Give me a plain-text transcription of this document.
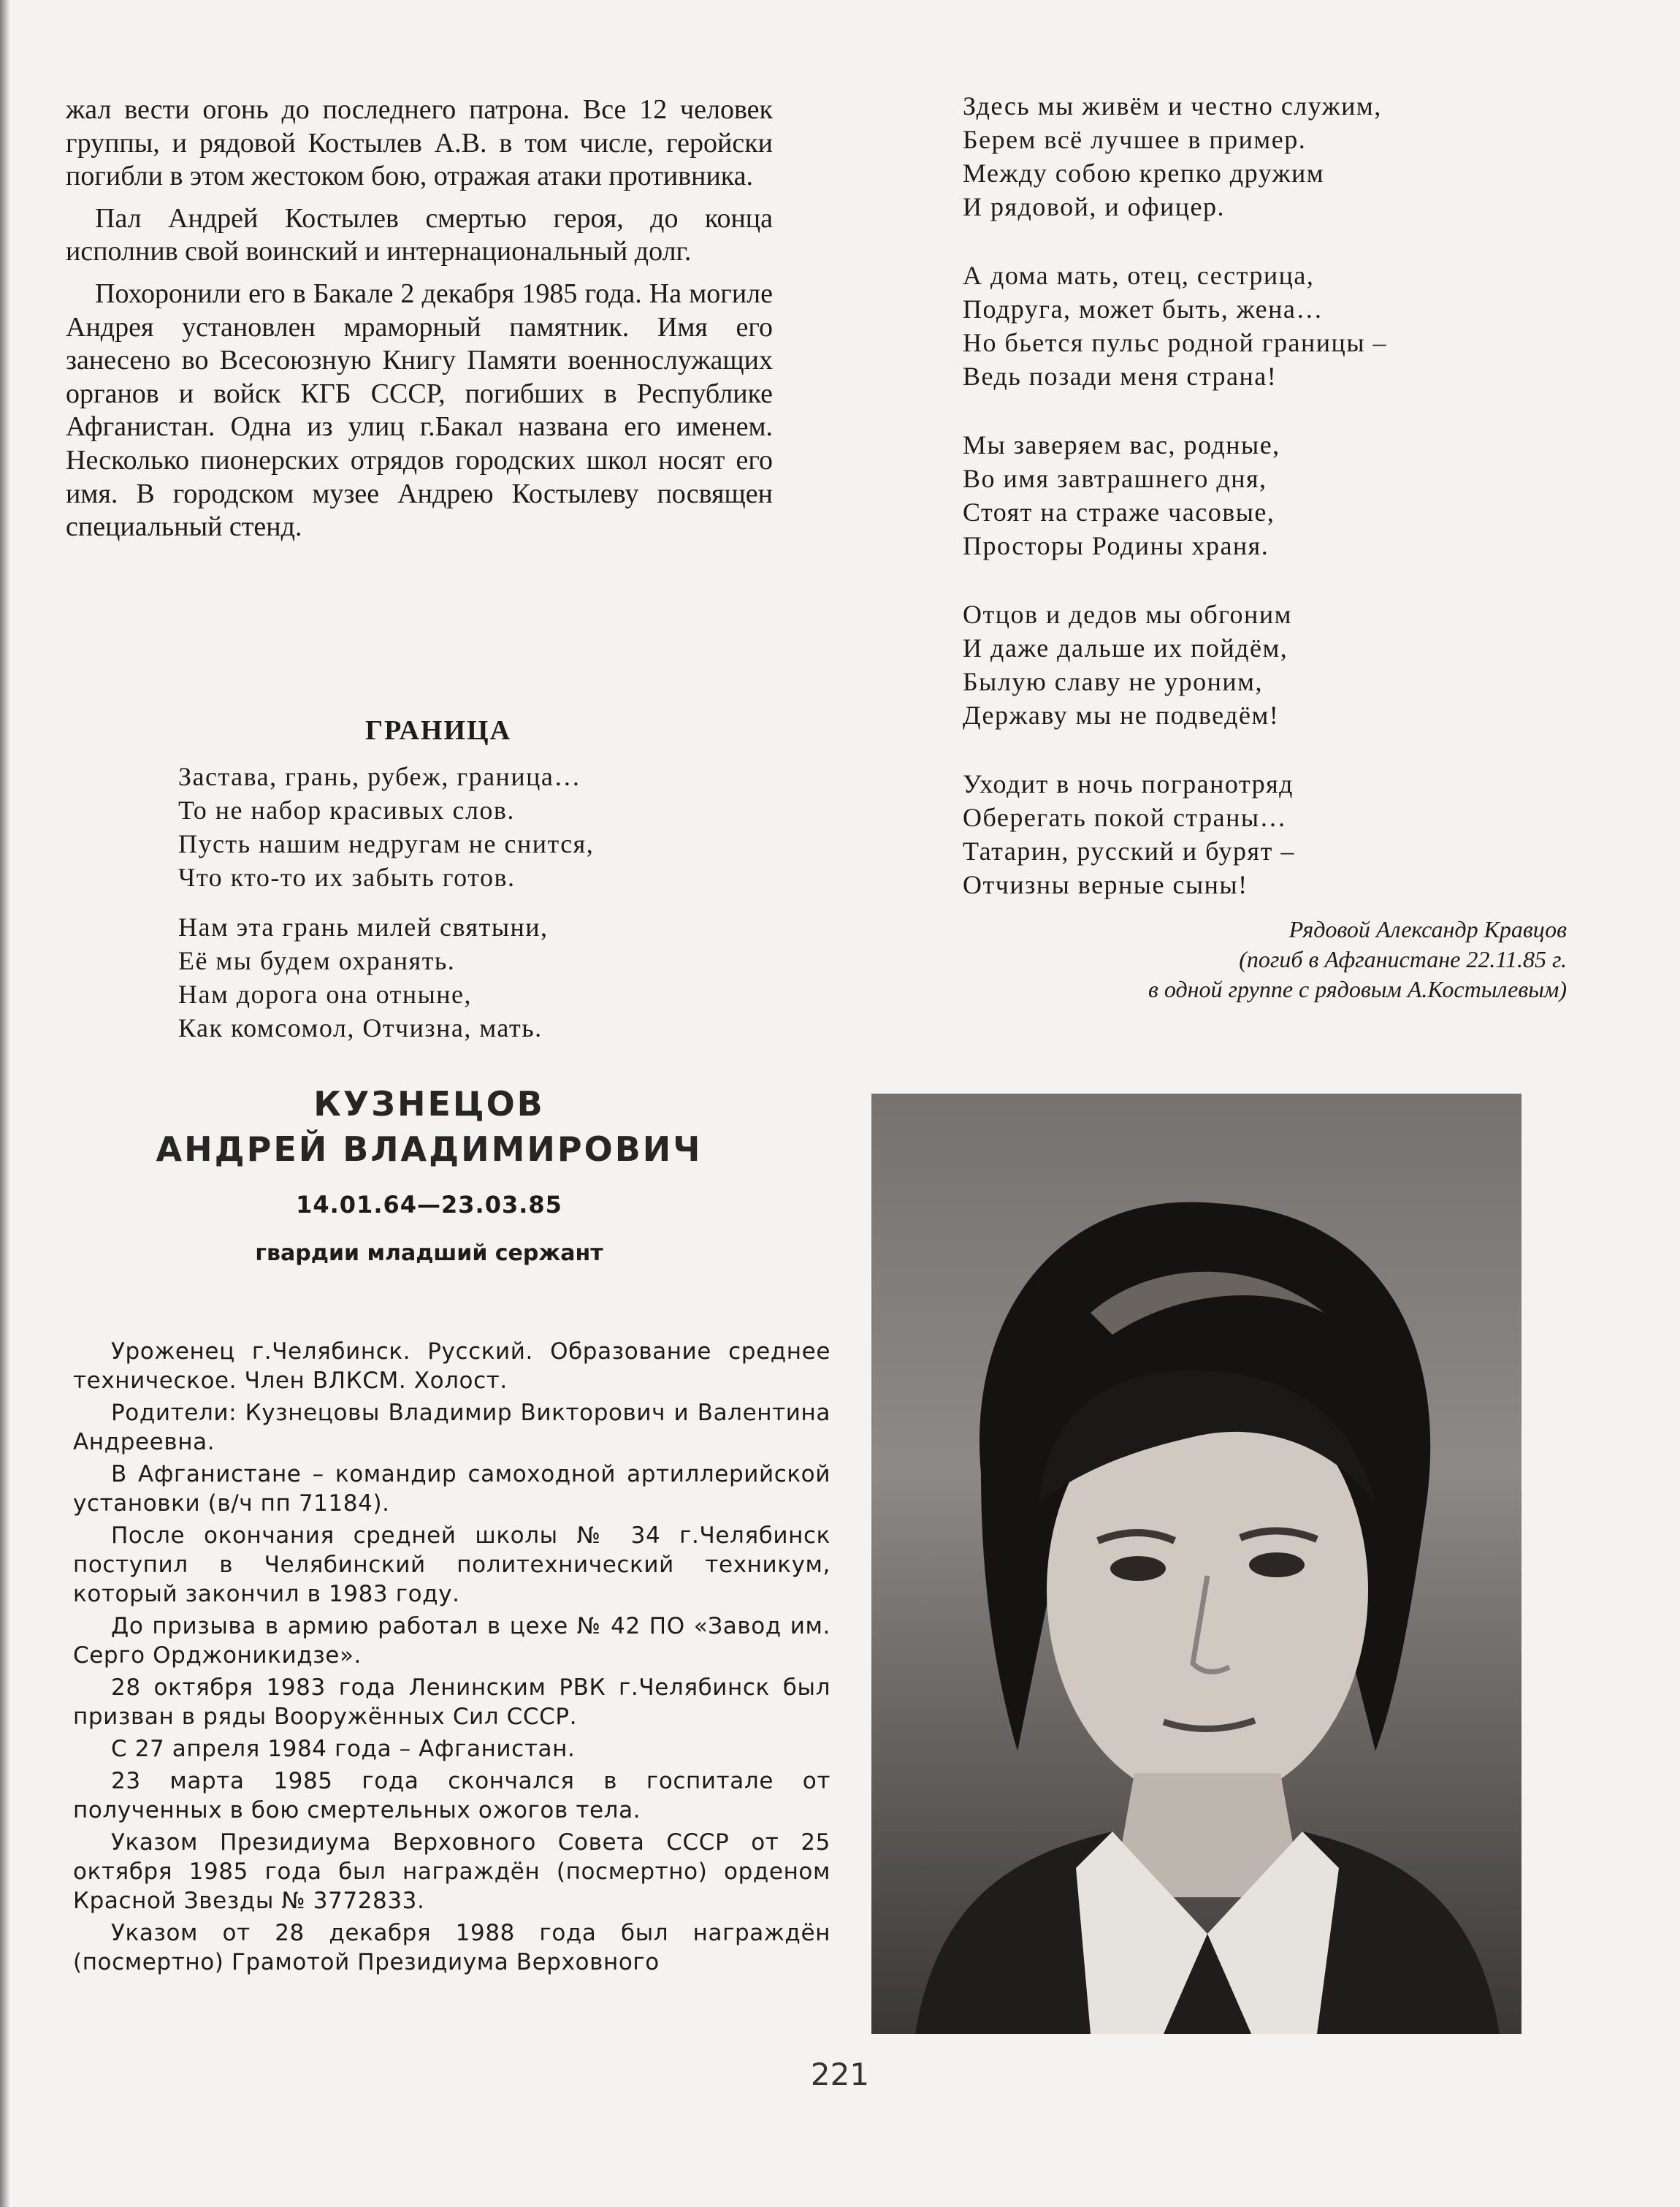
жал вести огонь до последнего патрона. Все 12 человек группы, и рядовой Костылев А.В. в том числе, геройски погибли в этом жестоком бою, отражая атаки противника.

Пал Андрей Костылев смертью героя, до конца исполнив свой воинский и интернациональный долг.

Похоронили его в Бакале 2 декабря 1985 года. На могиле Андрея установлен мраморный памятник. Имя его занесено во Всесоюзную Книгу Памяти военнослужащих органов и войск КГБ СССР, погибших в Республике Афганистан. Одна из улиц г.Бакал названа его именем. Несколько пионерских отрядов городских школ носят его имя. В городском музее Андрею Костылеву посвящен специальный стенд.

ГРАНИЦА
Застава, грань, рубеж, граница…
То не набор красивых слов.
Пусть нашим недругам не снится,
Что кто-то их забыть готов.
Нам эта грань милей святыни,
Её мы будем охранять.
Нам дорога она отныне,
Как комсомол, Отчизна, мать.
Здесь мы живём и честно служим,
Берем всё лучшее в пример.
Между собою крепко дружим
И рядовой, и офицер.
А дома мать, отец, сестрица,
Подруга, может быть, жена…
Но бьется пульс родной границы –
Ведь позади меня страна!
Мы заверяем вас, родные,
Во имя завтрашнего дня,
Стоят на страже часовые,
Просторы Родины храня.
Отцов и дедов мы обгоним
И даже дальше их пойдём,
Былую славу не уроним,
Державу мы не подведём!
Уходит в ночь погранотряд
Оберегать покой страны…
Татарин, русский и бурят –
Отчизны верные сыны!
Рядовой Александр Кравцов
(погиб в Афганистане 22.11.85 г.
в одной группе с рядовым А.Костылевым)
КУЗНЕЦОВ
АНДРЕЙ ВЛАДИМИРОВИЧ
14.01.64—23.03.85
гвардии младший сержант

Уроженец г.Челябинск. Русский. Образование среднее техническое. Член ВЛКСМ. Холост.

Родители: Кузнецовы Владимир Викторович и Валентина Андреевна.

В Афганистане – командир самоходной артиллерийской установки (в/ч пп 71184).

После окончания средней школы № 34 г.Челябинск поступил в Челябинский политехнический техникум, который закончил в 1983 году.

До призыва в армию работал в цехе № 42 ПО «Завод им. Серго Орджоникидзе».

28 октября 1983 года Ленинским РВК г.Челябинск был призван в ряды Вооружённых Сил СССР.

С 27 апреля 1984 года – Афганистан.

23 марта 1985 года скончался в госпитале от полученных в бою смертельных ожогов тела.

Указом Президиума Верховного Совета СССР от 25 октября 1985 года был награждён (посмертно) орденом Красной Звезды № 3772833.

Указом от 28 декабря 1988 года был награждён (посмертно) Грамотой Президиума Верховного

221
